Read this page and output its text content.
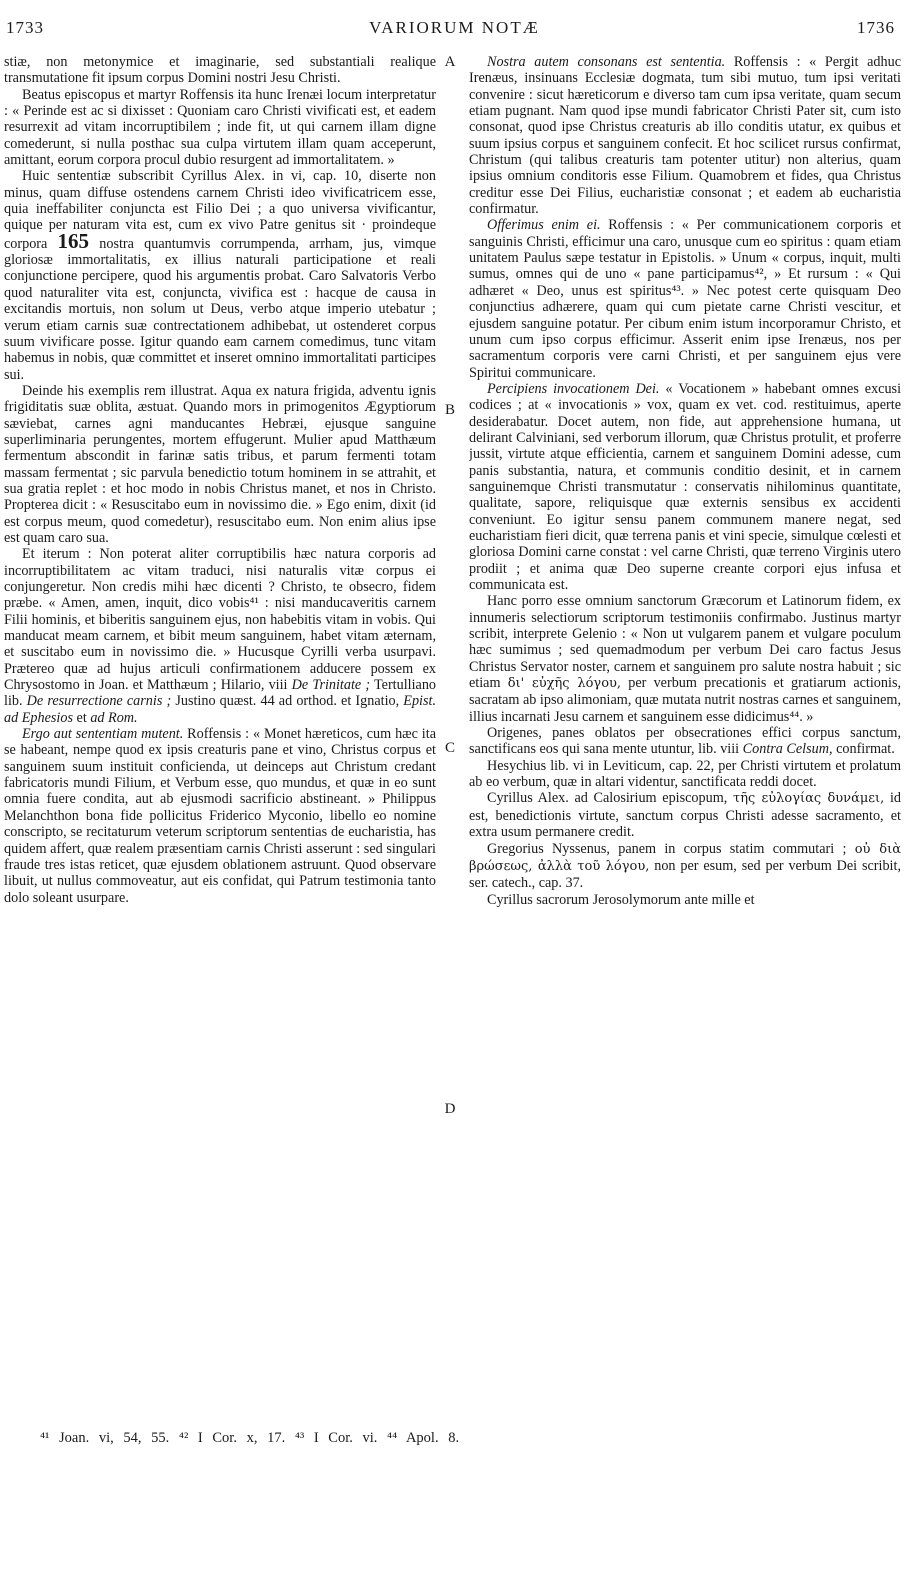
1733	VARIORUM NOTÆ	1736
A
B
C
D

stiæ, non metonymice et imaginarie, sed substantiali realique transmutatione fit ipsum corpus Domini nostri Jesu Christi.

Beatus episcopus et martyr Roffensis ita hunc Irenæi locum interpretatur : « Perinde est ac si dixisset : Quoniam caro Christi vivificati est, et eadem resurrexit ad vitam incorruptibilem ; inde fit, ut qui carnem illam digne comederunt, si nulla posthac sua culpa virtutem illam quam acceperunt, amittant, eorum corpora procul dubio resurgent ad immortalitatem. »

Huic sententiæ subscribit Cyrillus Alex. in vi, cap. 10, diserte non minus, quam diffuse ostendens carnem Christi ideo vivificatricem esse, quia ineffabiliter conjuncta est Filio Dei ; a quo universa vivificantur, quique per naturam vita est, cum ex vivo Patre genitus sit · proindeque corpora 165 nostra quantumvis corrumpenda, arrham, jus, vimque gloriosæ immortalitatis, ex illius naturali participatione et reali conjunctione percipere, quod his argumentis probat. Caro Salvatoris Verbo quod naturaliter vita est, conjuncta, vivifica est : hacque de causa in excitandis mortuis, non solum ut Deus, verbo atque imperio utebatur ; verum etiam carnis suæ contrectationem adhibebat, ut ostenderet corpus suum vivificare posse. Igitur quando eam carnem comedimus, tunc vitam habemus in nobis, quæ committet et inseret omnino immortalitati participes sui.

Deinde his exemplis rem illustrat. Aqua ex natura frigida, adventu ignis frigiditatis suæ oblita, æstuat. Quando mors in primogenitos Ægyptiorum sæviebat, carnes agni manducantes Hebræi, ejusque sanguine superliminaria perungentes, mortem effugerunt. Mulier apud Matthæum fermentum abscondit in farinæ satis tribus, et parum fermenti totam massam fermentat ; sic parvula benedictio totum hominem in se attrahit, et sua gratia replet : et hoc modo in nobis Christus manet, et nos in Christo. Propterea dicit : « Resuscitabo eum in novissimo die. » Ego enim, dixit (id est corpus meum, quod comedetur), resuscitabo eum. Non enim alius ipse est quam caro sua.

Et iterum : Non poterat aliter corruptibilis hæc natura corporis ad incorruptibilitatem ac vitam traduci, nisi naturalis vitæ corpus ei conjungeretur. Non credis mihi hæc dicenti ? Christo, te obsecro, fidem præbe. « Amen, amen, inquit, dico vobis⁴¹ : nisi manducaveritis carnem Filii hominis, et biberitis sanguinem ejus, non habebitis vitam in vobis. Qui manducat meam carnem, et bibit meum sanguinem, habet vitam æternam, et suscitabo eum in novissimo die. » Hucusque Cyrilli verba usurpavi. Prætereo quæ ad hujus articuli confirmationem adducere possem ex Chrysostomo in Joan. et Matthæum ; Hilario, viii De Trinitate ; Tertulliano lib. De resurrectione carnis ; Justino quæst. 44 ad orthod. et Ignatio, Epist. ad Ephesios et ad Rom.

Ergo aut sententiam mutent. Roffensis : « Monet hæreticos, cum hæc ita se habeant, nempe quod ex ipsis creaturis pane et vino, Christus corpus et sanguinem suum instituit conficienda, ut deinceps aut Christum credant fabricatoris mundi Filium, et Verbum esse, quo mundus, et quæ in eo sunt omnia fuere condita, aut ab ejusmodi sacrificio abstineant. » Philippus Melanchthon bona fide pollicitus Friderico Myconio, libello eo nomine conscripto, se recitaturum veterum scriptorum sententias de eucharistia, has quidem affert, quæ realem præsentiam carnis Christi asserunt : sed singulari fraude tres istas reticet, quæ ejusdem oblationem astruunt. Quod observare libuit, ut nullus commoveatur, aut eis confidat, qui Patrum testimonia tanto dolo soleant usurpare.

Nostra autem consonans est sententia. Roffensis : « Pergit adhuc Irenæus, insinuans Ecclesiæ dogmata, tum sibi mutuo, tum ipsi veritati convenire : sicut hæreticorum e diverso tam cum ipsa veritate, quam secum etiam pugnant. Nam quod ipse mundi fabricator Christi Pater sit, cum isto consonat, quod ipse Christus creaturis ab illo conditis utatur, ex quibus et suum ipsius corpus et sanguinem confecit. Et hoc scilicet rursus confirmat, Christum (qui talibus creaturis tam potenter utitur) non alterius, quam ipsius omnium conditoris esse Filium. Quamobrem et fides, qua Christus creditur esse Dei Filius, eucharistiæ consonat ; et eadem ab eucharistia confirmatur.

Offerimus enim ei. Roffensis : « Per communicationem corporis et sanguinis Christi, efficimur una caro, unusque cum eo spiritus : quam etiam unitatem Paulus sæpe testatur in Epistolis. » Unum « corpus, inquit, multi sumus, omnes qui de uno « pane participamus⁴², » Et rursum : « Qui adhæret « Deo, unus est spiritus⁴³. » Nec potest certe quisquam Deo conjunctius adhærere, quam qui cum pietate carne Christi vescitur, et ejusdem sanguine potatur. Per cibum enim istum incorporamur Christo, et unum cum ipso corpus efficimur. Asserit enim ipse Irenæus, nos per sacramentum corporis vere carni Christi, et per sanguinem ejus vere Spiritui communicare.

Percipiens invocationem Dei. « Vocationem » habebant omnes excusi codices ; at « invocationis » vox, quam ex vet. cod. restituimus, aperte desiderabatur. Docet autem, non fide, aut apprehensione humana, ut delirant Calviniani, sed verborum illorum, quæ Christus protulit, et proferre jussit, virtute atque efficientia, carnem et sanguinem Domini adesse, cum panis substantia, natura, et communis conditio desinit, et in carnem sanguinemque Christi transmutatur : conservatis nihilominus quantitate, qualitate, sapore, reliquisque quæ externis sensibus ex accidenti conveniunt. Eo igitur sensu panem communem manere negat, sed eucharistiam fieri dicit, quæ terrena panis et vini specie, simulque cœlesti et gloriosa Domini carne constat : vel carne Christi, quæ terreno Virginis utero prodiit ; et anima quæ Deo superne creante corpori ejus infusa et communicata est.

Hanc porro esse omnium sanctorum Græcorum et Latinorum fidem, ex innumeris selectiorum scriptorum testimoniis confirmabo. Justinus martyr scribit, interprete Gelenio : « Non ut vulgarem panem et vulgare poculum hæc sumimus ; sed quemadmodum per verbum Dei caro factus Jesus Christus Servator noster, carnem et sanguinem pro salute nostra habuit ; sic etiam δι' εὐχῆς λόγου, per verbum precationis et gratiarum actionis, sacratam ab ipso alimoniam, quæ mutata nutrit nostras carnes et sanguinem, illius incarnati Jesu carnem et sanguinem esse didicimus⁴⁴. »

Origenes, panes oblatos per obsecrationes effici corpus sanctum, sanctificans eos qui sana mente utuntur, lib. viii Contra Celsum, confirmat.

Hesychius lib. vi in Leviticum, cap. 22, per Christi virtutem et prolatum ab eo verbum, quæ in altari videntur, sanctificata reddi docet.

Cyrillus Alex. ad Calosirium episcopum, τῆς εὐλογίας δυνάμει, id est, benedictionis virtute, sanctum corpus Christi adesse sacramento, et extra usum permanere credit.

Gregorius Nyssenus, panem in corpus statim commutari ; οὐ διὰ βρώσεως, ἀλλὰ τοῦ λόγου, non per esum, sed per verbum Dei scribit, ser. catech., cap. 37.

Cyrillus sacrorum Jerosolymorum ante mille et

⁴¹ Joan. vi, 54, 55. ⁴² I Cor. x, 17. ⁴³ I Cor. vi. ⁴⁴ Apol. 8.
